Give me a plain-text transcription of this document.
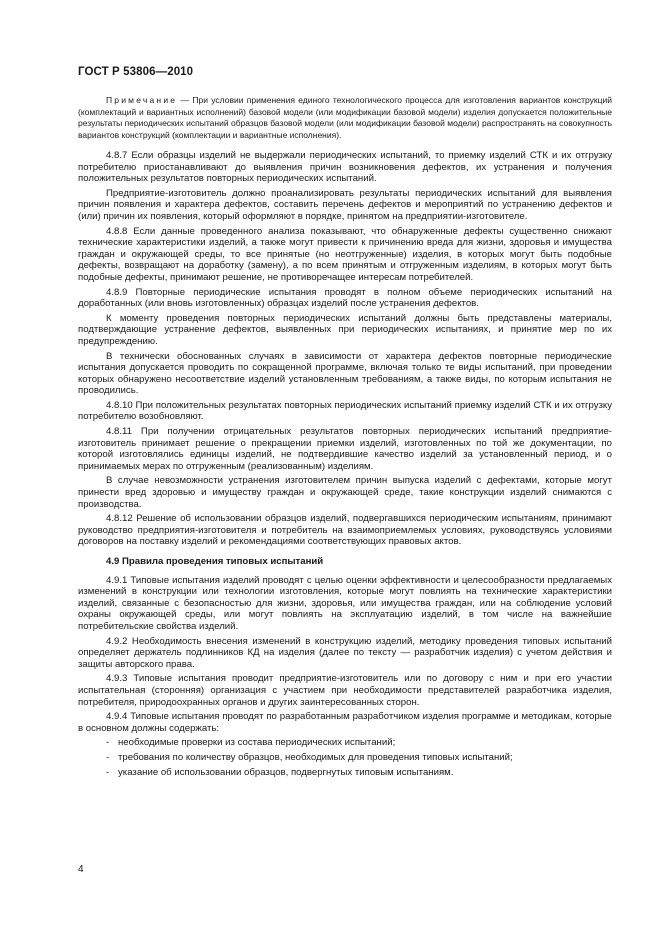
ГОСТ Р 53806—2010

Примечание — При условии применения единого технологического процесса для изготовления вариантов конструкций (комплектаций и вариантных исполнений) базовой модели (или модификации базовой модели) изделия допускается положительные результаты периодических испытаний образцов базовой модели (или модификации базовой модели) распространять на совокупность вариантов конструкций (комплектации и вариантные исполнения).

4.8.7 Если образцы изделий не выдержали периодических испытаний, то приемку изделий СТК и их отгрузку потребителю приостанавливают до выявления причин возникновения дефектов, их устранения и получения положительных результатов повторных периодических испытаний.

Предприятие-изготовитель должно проанализировать результаты периодических испытаний для выявления причин появления и характера дефектов, составить перечень дефектов и мероприятий по устранению дефектов и (или) причин их появления, который оформляют в порядке, принятом на предприятии-изготовителе.

4.8.8 Если данные проведенного анализа показывают, что обнаруженные дефекты существенно снижают технические характеристики изделий, а также могут привести к причинению вреда для жизни, здоровья и имущества граждан и окружающей среды, то все принятые (но неотгруженные) изделия, в которых могут быть подобные дефекты, возвращают на доработку (замену), а по всем принятым и отгруженным изделиям, в которых могут быть подобные дефекты, принимают решение, не противоречащее интересам потребителей.

4.8.9 Повторные периодические испытания проводят в полном объеме периодических испытаний на доработанных (или вновь изготовленных) образцах изделий после устранения дефектов.

К моменту проведения повторных периодических испытаний должны быть представлены материалы, подтверждающие устранение дефектов, выявленных при периодических испытаниях, и принятие мер по их предупреждению.

В технически обоснованных случаях в зависимости от характера дефектов повторные периодические испытания допускается проводить по сокращенной программе, включая только те виды испытаний, при проведении которых обнаружено несоответствие изделий установленным требованиям, а также виды, по которым испытания не проводились.

4.8.10 При положительных результатах повторных периодических испытаний приемку изделий СТК и их отгрузку потребителю возобновляют.

4.8.11 При получении отрицательных результатов повторных периодических испытаний предприятие-изготовитель принимает решение о прекращении приемки изделий, изготовленных по той же документации, по которой изготовлялись единицы изделий, не подтвердившие качество изделий за установленный период, и о принимаемых мерах по отгруженным (реализованным) изделиям.

В случае невозможности устранения изготовителем причин выпуска изделий с дефектами, которые могут принести вред здоровью и имуществу граждан и окружающей среде, такие конструкции изделий снимаются с производства.

4.8.12 Решение об использовании образцов изделий, подвергавшихся периодическим испытаниям, принимают руководство предприятия-изготовителя и потребитель на взаимоприемлемых условиях, руководствуясь условиями договоров на поставку изделий и рекомендациями соответствующих правовых актов.

4.9 Правила проведения типовых испытаний

4.9.1 Типовые испытания изделий проводят с целью оценки эффективности и целесообразности предлагаемых изменений в конструкции или технологии изготовления, которые могут повлиять на технические характеристики изделий, связанные с безопасностью для жизни, здоровья, или имущества граждан, или на соблюдение условий охраны окружающей среды, или могут повлиять на эксплуатацию изделий, в том числе на важнейшие потребительские свойства изделий.

4.9.2 Необходимость внесения изменений в конструкцию изделий, методику проведения типовых испытаний определяет держатель подлинников КД на изделия (далее по тексту — разработчик изделия) с учетом действия и защиты авторского права.

4.9.3 Типовые испытания проводит предприятие-изготовитель или по договору с ним и при его участии испытательная (сторонняя) организация с участием при необходимости представителей разработчика изделия, потребителя, природоохранных органов и других заинтересованных сторон.

4.9.4 Типовые испытания проводят по разработанным разработчиком изделия программе и методикам, которые в основном должны содержать:

- необходимые проверки из состава периодических испытаний;
- требования по количеству образцов, необходимых для проведения типовых испытаний;
- указание об использовании образцов, подвергнутых типовым испытаниям.
4
